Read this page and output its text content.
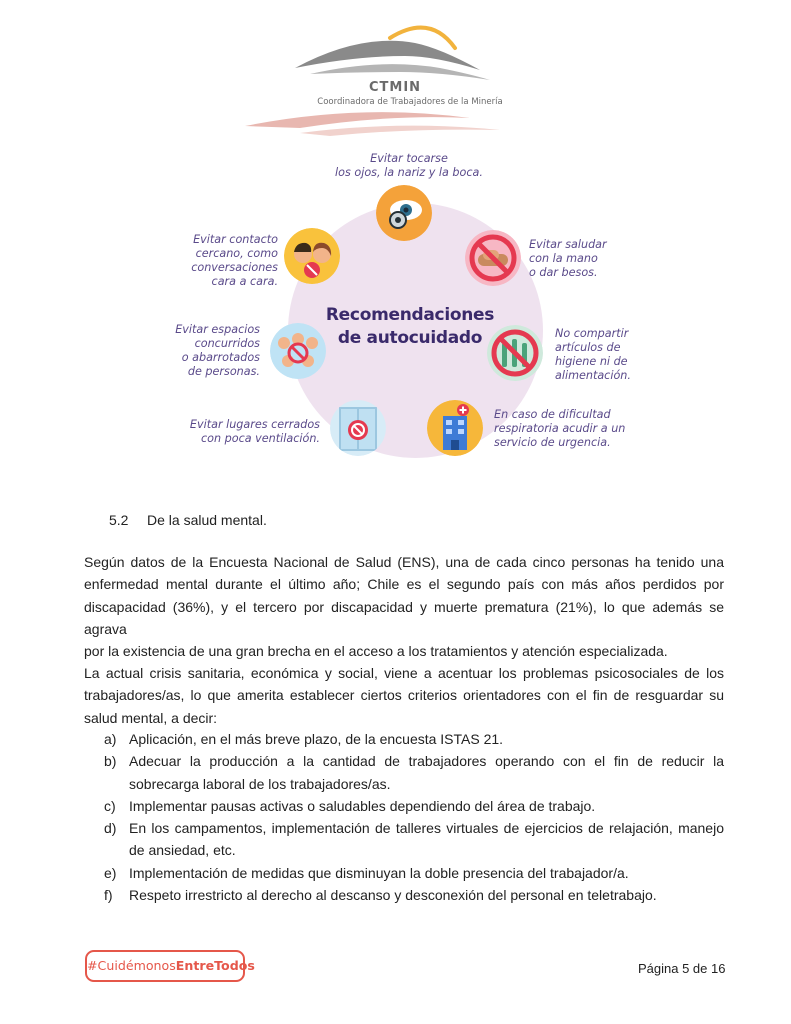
CTMIN
Coordinadora de Trabajadores de la Minería
Recomendaciones
de autocuidado
Evitar tocarse
los ojos, la nariz y la boca.
Evitar saludar
con la mano
o dar besos.
No compartir
artículos de
higiene ni de
alimentación.
En caso de dificultad
respiratoria acudir a un
servicio de urgencia.
Evitar lugares cerrados
con poca ventilación.
Evitar espacios
concurridos
o abarrotados
de personas.
Evitar contacto
cercano, como
conversaciones
cara a cara.
5.2 De la salud mental.
Según datos de la Encuesta Nacional de Salud (ENS), una de cada cinco personas ha tenido una
enfermedad mental durante el último año; Chile es el segundo país con más años perdidos por
discapacidad (36%), y el tercero por discapacidad y muerte prematura (21%), lo que además se agrava
por la existencia de una gran brecha en el acceso a los tratamientos y atención especializada.
La actual crisis sanitaria, económica y social, viene a acentuar los problemas psicosociales de los
trabajadores/as, lo que amerita establecer ciertos criterios orientadores con el fin de resguardar su
salud mental, a decir:
a) Aplicación, en el más breve plazo, de la encuesta ISTAS 21.
b) Adecuar la producción a la cantidad de trabajadores operando con el fin de reducir la
sobrecarga laboral de los trabajadores/as.
c) Implementar pausas activas o saludables dependiendo del área de trabajo.
d) En los campamentos, implementación de talleres virtuales de ejercicios de relajación, manejo
de ansiedad, etc.
e) Implementación de medidas que disminuyan la doble presencia del trabajador/a.
f) Respeto irrestricto al derecho al descanso y desconexión del personal en teletrabajo.
#CuidémonosEntreTodos	Página 5 de 16
